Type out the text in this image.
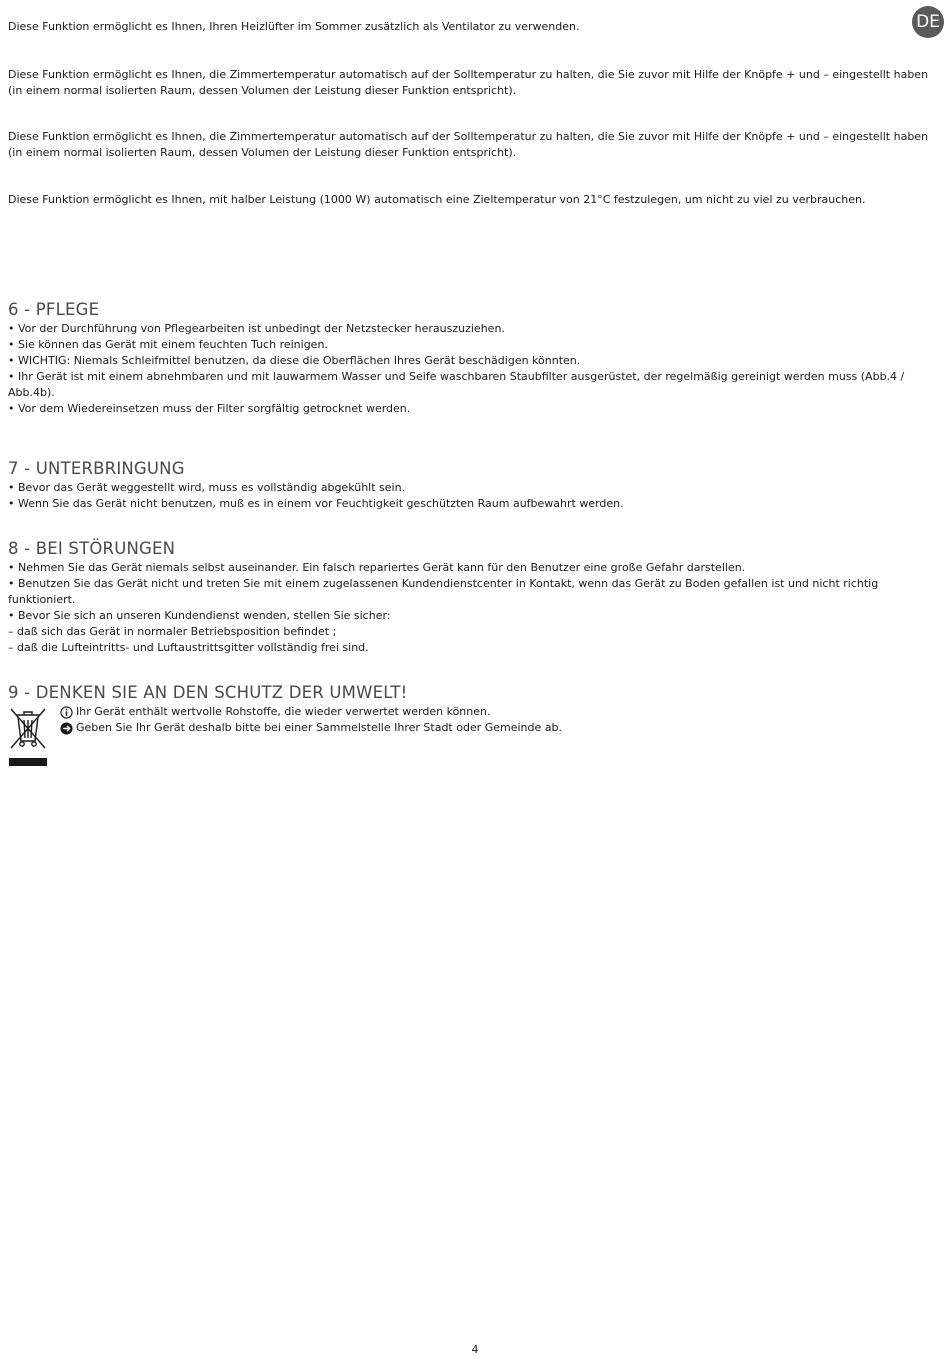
DE

Diese Funktion ermöglicht es Ihnen, Ihren Heizlüfter im Sommer zusätzlich als Ventilator zu verwenden.

Diese Funktion ermöglicht es Ihnen, die Zimmertemperatur automatisch auf der Solltemperatur zu halten, die Sie zuvor mit Hilfe der Knöpfe + und – eingestellt haben (in einem normal isolierten Raum, dessen Volumen der Leistung dieser Funktion entspricht).

Diese Funktion ermöglicht es Ihnen, die Zimmertemperatur automatisch auf der Solltemperatur zu halten, die Sie zuvor mit Hilfe der Knöpfe + und – eingestellt haben (in einem normal isolierten Raum, dessen Volumen der Leistung dieser Funktion entspricht).

Diese Funktion ermöglicht es Ihnen, mit halber Leistung (1000 W) automatisch eine Zieltemperatur von 21°C festzulegen, um nicht zu viel zu verbrauchen.

6 - PFLEGE
• Vor der Durchführung von Pflegearbeiten ist unbedingt der Netzstecker herauszuziehen.
• Sie können das Gerät mit einem feuchten Tuch reinigen.
• WICHTIG: Niemals Schleifmittel benutzen, da diese die Oberflächen Ihres Gerät beschädigen könnten.
• Ihr Gerät ist mit einem abnehmbaren und mit lauwarmem Wasser und Seife waschbaren Staubfilter ausgerüstet, der regelmäßig gereinigt werden muss (Abb.4 / Abb.4b).
• Vor dem Wiedereinsetzen muss der Filter sorgfältig getrocknet werden.
7 - UNTERBRINGUNG
• Bevor das Gerät weggestellt wird, muss es vollständig abgekühlt sein.
• Wenn Sie das Gerät nicht benutzen, muß es in einem vor Feuchtigkeit geschützten Raum aufbewahrt werden.
8 - BEI STÖRUNGEN
• Nehmen Sie das Gerät niemals selbst auseinander. Ein falsch repariertes Gerät kann für den Benutzer eine große Gefahr darstellen.
• Benutzen Sie das Gerät nicht und treten Sie mit einem zugelassenen Kundendienstcenter in Kontakt, wenn das Gerät zu Boden gefallen ist und nicht richtig funktioniert.
• Bevor Sie sich an unseren Kundendienst wenden, stellen Sie sicher:
– daß sich das Gerät in normaler Betriebsposition befindet ;
– daß die Lufteintritts- und Luftaustrittsgitter vollständig frei sind.
9 - DENKEN SIE AN DEN SCHUTZ DER UMWELT!
Ihr Gerät enthält wertvolle Rohstoffe, die wieder verwertet werden können.
Geben Sie Ihr Gerät deshalb bitte bei einer Sammelstelle Ihrer Stadt oder Gemeinde ab.
4
